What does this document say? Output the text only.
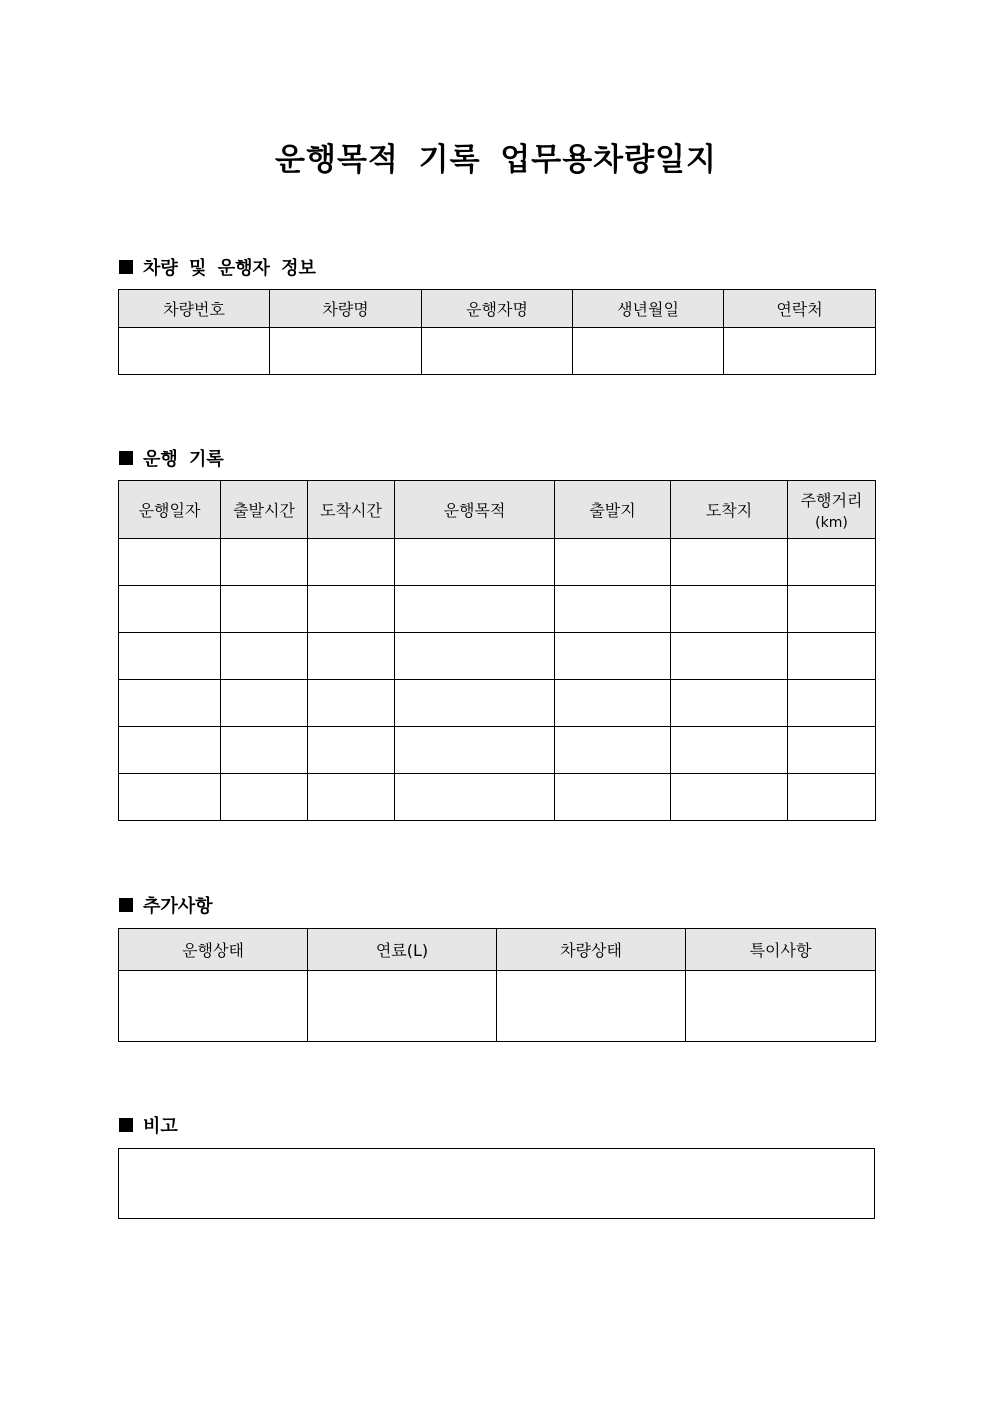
운행목적 기록 업무용차량일지
차량 및 운행자 정보
차량번호	차량명	운행자명	생년월일	연락처

운행 기록
운행일자	출발시간	도착시간	운행목적	출발지	도착지	주행거리
(km)

추가사항
운행상태	연료(L)	차량상태	특이사항

비고
